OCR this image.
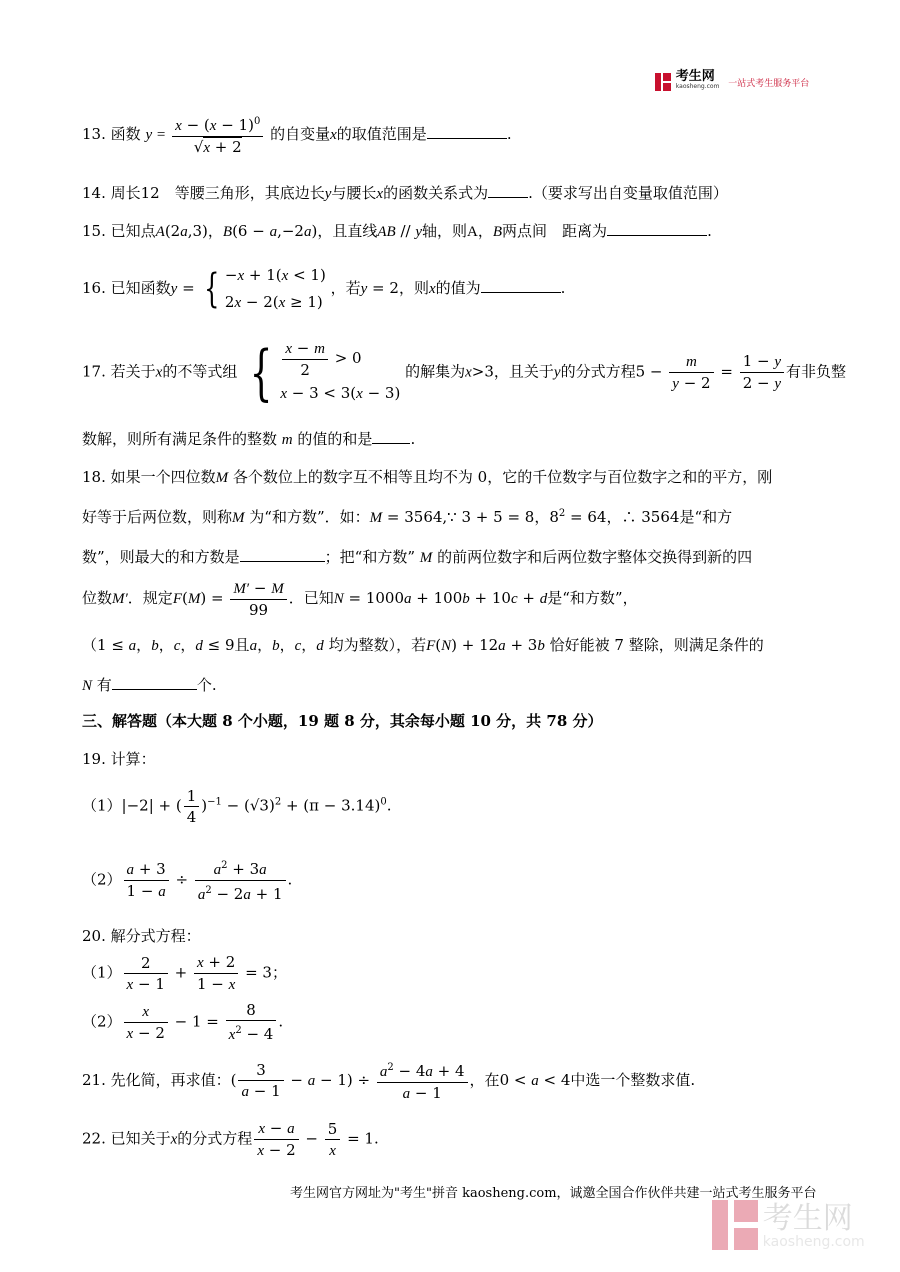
考生网
kaosheng.com 一站式考生服务平台
13. 函数 $y = \frac{x - (x - 1)^0}{√x + 2}$ 的自变量x的取值范围是	.
14. 周长12　等腰三角形，其底边长y与腰长x的函数关系式为	.（要求写出自变量取值范围）
15. 已知点A(2a,3)，B(6 − a,−2a)，且直线AB // y轴，则A，B两点间　距离为	.
16. 已知函数y = { −x + 1(x < 1)
2x − 2(x ≥ 1)
，若y = 2，则x的值为	.
17. 若关于x的不等式组 { $\frac{x - m}{2} > 0$
x − 3 < 3(x − 3)
的解集为x>3，且关于y的分式方程$5 - \frac{m}{y - 2} = \frac{1 - y}{2 - y}$ 有非负整
数解，则所有满足条件的整数 m 的值的和是	.
18. 如果一个四位数M 各个数位上的数字互不相等且均不为 0，它的千位数字与百位数字之和的平方，刚
好等于后两位数，则称M 为“和方数”．如：M = 3564,∵ 3 + 5 = 8，$8^2 = 64$，∴ 3564是“和方
数”，则最大的和方数是	；把“和方数” M 的前两位数字和后两位数字整体交换得到新的四
位数M′．规定$F(M) = \frac{M' - M}{99}$ ．已知N = 1000a + 100b + 10c + d是“和方数”，
（1 ≤ a，b，c，d ≤ 9且a，b，c，d 均为整数），若F(N) + 12a + 3b 恰好能被 7 整除，则满足条件的
N 有	个.
三、解答题（本大题 8 个小题，19 题 8 分，其余每小题 10 分，共 78 分）
19. 计算：
（1）|−2| + ( $\frac{1}{4} )^{-1} - (√3)^2 + (\pi - 3.14)^0$.
$(2) \frac{a + 3}{1 - a} \div \frac{a^2 + 3a}{a^2 - 2a + 1}$ .
20. 解分式方程：
$(1) \frac{2}{x - 1} + \frac{x + 2}{1 - x} = 3$；
$(2) \frac{x}{x - 2} - 1 = \frac{8}{x^2 - 4}$ .
21. 先化简，再求值：( $\frac{3}{a - 1} - a - 1) \div \frac{a^2 - 4a + 4}{a - 1}$ ，在0 < a < 4中选一个整数求值.
22. 已知关于x的分式方程 $\frac{x - a}{x - 2} - \frac{5}{x} = 1$.
考生网官方网址为"考生"拼音 kaosheng.com，诚邀全国合作伙伴共建一站式考生服务平台

考生网
kaosheng.com
